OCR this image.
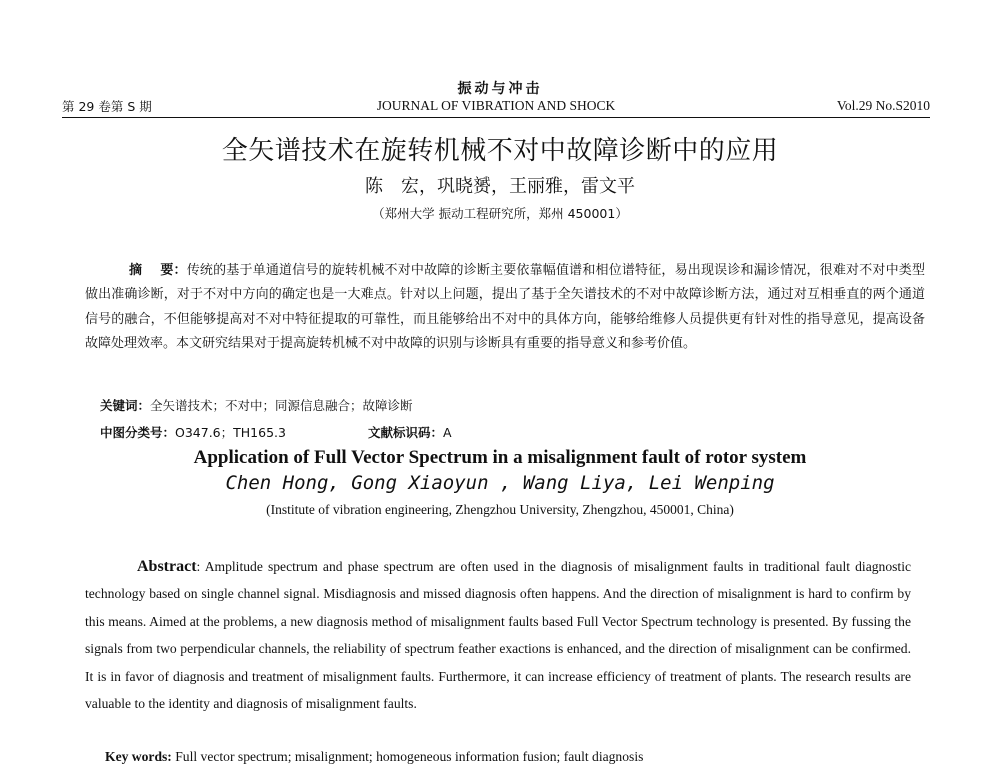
振动与冲击
第 29 卷第 S 期	JOURNAL OF VIBRATION AND SHOCK	Vol.29 No.S2010
全矢谱技术在旋转机械不对中故障诊断中的应用
陈　宏，巩晓赟，王丽雅，雷文平
（郑州大学 振动工程研究所，郑州 450001）
摘 要：传统的基于单通道信号的旋转机械不对中故障的诊断主要依靠幅值谱和相位谱特征，易出现误诊和漏诊情况，很难对不对中类型做出准确诊断，对于不对中方向的确定也是一大难点。针对以上问题，提出了基于全矢谱技术的不对中故障诊断方法，通过对互相垂直的两个通道信号的融合，不但能够提高对不对中特征提取的可靠性，而且能够给出不对中的具体方向，能够给维修人员提供更有针对性的指导意见，提高设备故障处理效率。本文研究结果对于提高旋转机械不对中故障的识别与诊断具有重要的指导意义和参考价值。
关键词：全矢谱技术；不对中；同源信息融合；故障诊断
中图分类号：O347.6；TH165.3	文献标识码：A
Application of Full Vector Spectrum in a misalignment fault of rotor system
Chen Hong, Gong Xiaoyun , Wang Liya, Lei Wenping
(Institute of vibration engineering, Zhengzhou University, Zhengzhou, 450001, China)
Abstract: Amplitude spectrum and phase spectrum are often used in the diagnosis of misalignment faults in traditional fault diagnostic technology based on single channel signal. Misdiagnosis and missed diagnosis often happens. And the direction of misalignment is hard to confirm by this means. Aimed at the problems, a new diagnosis method of misalignment faults based Full Vector Spectrum technology is presented. By fussing the signals from two perpendicular channels, the reliability of spectrum feather exactions is enhanced, and the direction of misalignment can be confirmed. It is in favor of diagnosis and treatment of misalignment faults. Furthermore, it can increase efficiency of treatment of plants. The research results are valuable to the identity and diagnosis of misalignment faults.
Key words: Full vector spectrum; misalignment; homogeneous information fusion; fault diagnosis
